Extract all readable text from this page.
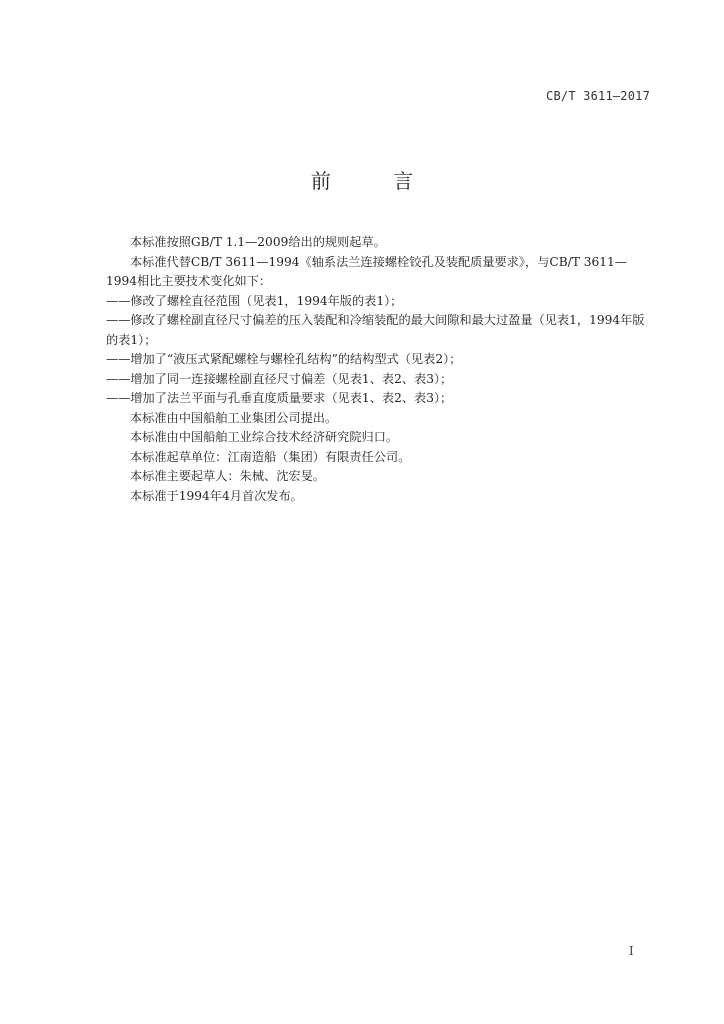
CB/T 3611—2017
前 言

本标准按照GB/T 1.1—2009给出的规则起草。

本标准代替CB/T 3611—1994《轴系法兰连接螺栓铰孔及装配质量要求》，与CB/T 3611—1994相比主要技术变化如下：

——修改了螺栓直径范围（见表1，1994年版的表1）；
——修改了螺栓副直径尺寸偏差的压入装配和冷缩装配的最大间隙和最大过盈量（见表1，1994年版的表1）；
——增加了“液压式紧配螺栓与螺栓孔结构”的结构型式（见表2）；
——增加了同一连接螺栓副直径尺寸偏差（见表1、表2、表3）；
——增加了法兰平面与孔垂直度质量要求（见表1、表2、表3）；

本标准由中国船舶工业集团公司提出。

本标准由中国船舶工业综合技术经济研究院归口。

本标准起草单位：江南造船（集团）有限责任公司。

本标准主要起草人：朱械、沈宏旻。

本标准于1994年4月首次发布。

I
